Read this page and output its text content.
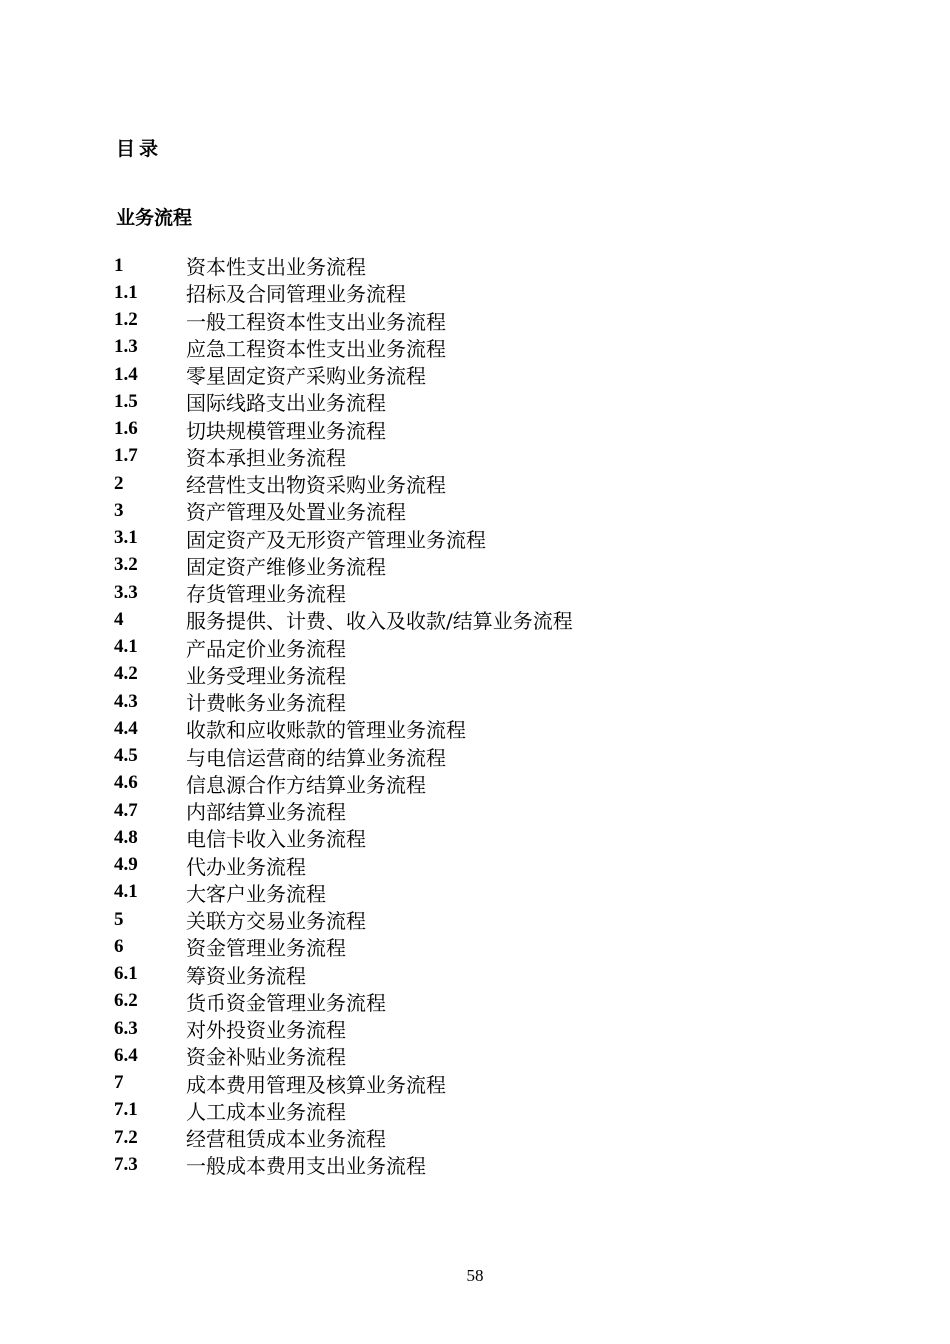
目录
业务流程
1	资本性支出业务流程
1.1	招标及合同管理业务流程
1.2	一般工程资本性支出业务流程
1.3	应急工程资本性支出业务流程
1.4	零星固定资产采购业务流程
1.5	国际线路支出业务流程
1.6	切块规模管理业务流程
1.7	资本承担业务流程
2	经营性支出物资采购业务流程
3	资产管理及处置业务流程
3.1	固定资产及无形资产管理业务流程
3.2	固定资产维修业务流程
3.3	存货管理业务流程
4	服务提供、计费、收入及收款/结算业务流程
4.1	产品定价业务流程
4.2	业务受理业务流程
4.3	计费帐务业务流程
4.4	收款和应收账款的管理业务流程
4.5	与电信运营商的结算业务流程
4.6	信息源合作方结算业务流程
4.7	内部结算业务流程
4.8	电信卡收入业务流程
4.9	代办业务流程
4.1	大客户业务流程
5	关联方交易业务流程
6	资金管理业务流程
6.1	筹资业务流程
6.2	货币资金管理业务流程
6.3	对外投资业务流程
6.4	资金补贴业务流程
7	成本费用管理及核算业务流程
7.1	人工成本业务流程
7.2	经营租赁成本业务流程
7.3	一般成本费用支出业务流程
58
